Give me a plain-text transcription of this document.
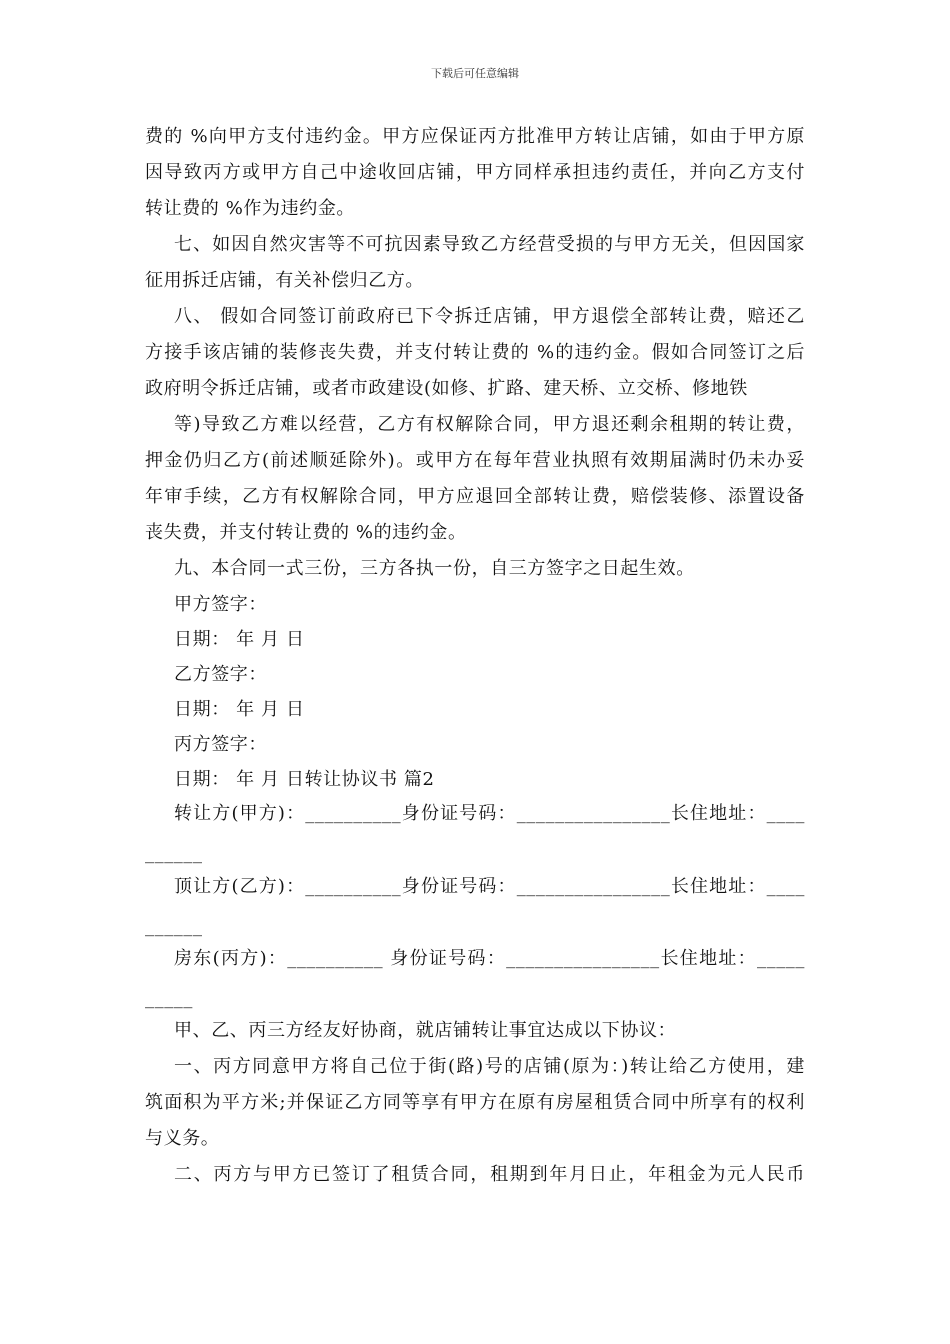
下载后可任意编辑
费的 %向甲方支付违约金。甲方应保证丙方批准甲方转让店铺，如由于甲方原
因导致丙方或甲方自己中途收回店铺，甲方同样承担违约责任，并向乙方支付
转让费的 %作为违约金。
七、如因自然灾害等不可抗因素导致乙方经营受损的与甲方无关，但因国家
征用拆迁店铺，有关补偿归乙方。
八、 假如合同签订前政府已下令拆迁店铺，甲方退偿全部转让费，赔还乙
方接手该店铺的装修丧失费，并支付转让费的 %的违约金。假如合同签订之后
政府明令拆迁店铺，或者市政建设(如修、扩路、建天桥、立交桥、修地铁
等)导致乙方难以经营，乙方有权解除合同，甲方退还剩余租期的转让费，
押金仍归乙方(前述顺延除外)。或甲方在每年营业执照有效期届满时仍未办妥
年审手续，乙方有权解除合同，甲方应退回全部转让费，赔偿装修、添置设备
丧失费，并支付转让费的 %的违约金。
九、本合同一式三份，三方各执一份，自三方签字之日起生效。
甲方签字：
日期： 年 月 日
乙方签字：
日期： 年 月 日
丙方签字：
日期： 年 月 日转让协议书 篇2
转让方(甲方)：__________身份证号码：________________长住地址：____
______
顶让方(乙方)：__________身份证号码：________________长住地址：____
______
房东(丙方)：__________ 身份证号码：________________长住地址：_____
_____
甲、乙、丙三方经友好协商，就店铺转让事宜达成以下协议：
一、丙方同意甲方将自己位于街(路)号的店铺(原为：)转让给乙方使用，建
筑面积为平方米;并保证乙方同等享有甲方在原有房屋租赁合同中所享有的权利
与义务。
二、丙方与甲方已签订了租赁合同，租期到年月日止，年租金为元人民币
